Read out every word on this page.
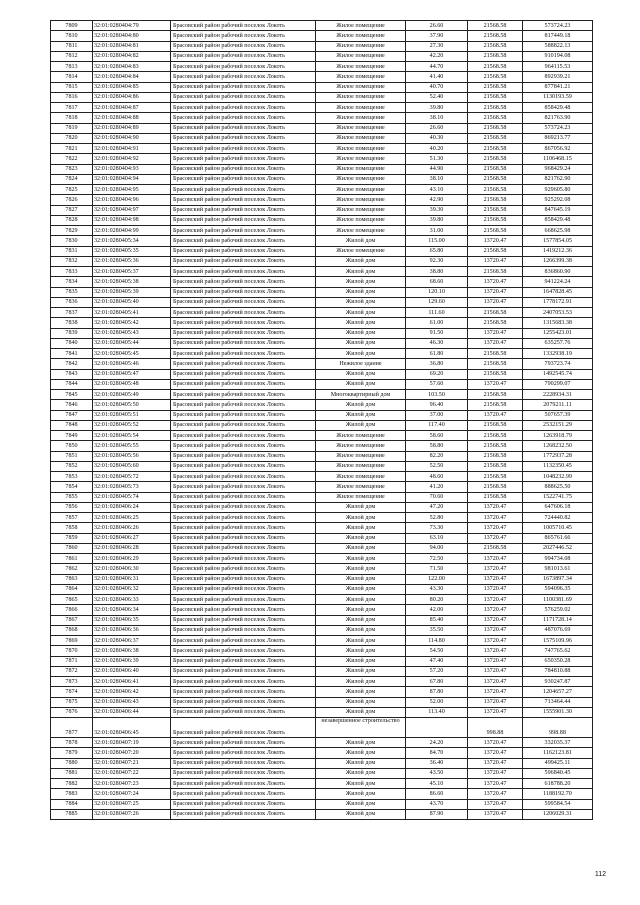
7809	32:01:0280404:79	Брасовский район рабочий поселок Локоть	Жилое помещение	26.60	21568.58	573724.23
7810	32:01:0280404:80	Брасовский район рабочий поселок Локоть	Жилое помещение	37.90	21568.58	817449.18
7811	32:01:0280404:81	Брасовский район рабочий поселок Локоть	Жилое помещение	27.30	21568.58	588822.13
7812	32:01:0280404:82	Брасовский район рабочий поселок Локоть	Жилое помещение	42.20	21568.58	910194.08
7813	32:01:0280404:83	Брасовский район рабочий поселок Локоть	Жилое помещение	44.70	21568.58	964115.53
7814	32:01:0280404:84	Брасовский район рабочий поселок Локоть	Жилое помещение	41.40	21568.58	892939.21
7815	32:01:0280404:85	Брасовский район рабочий поселок Локоть	Жилое помещение	40.70	21568.58	877841.21
7816	32:01:0280404:86	Брасовский район рабочий поселок Локоть	Жилое помещение	52.40	21568.58	1130193.59
7817	32:01:0280404:87	Брасовский район рабочий поселок Локоть	Жилое помещение	39.80	21568.58	858429.48
7818	32:01:0280404:88	Брасовский район рабочий поселок Локоть	Жилое помещение	38.10	21568.58	821763.90
7819	32:01:0280404:89	Брасовский район рабочий поселок Локоть	Жилое помещение	26.60	21568.58	573724.23
7820	32:01:0280404:90	Брасовский район рабочий поселок Локоть	Жилое помещение	40.30	21568.58	869213.77
7821	32:01:0280404:91	Брасовский район рабочий поселок Локоть	Жилое помещение	40.20	21568.58	867056.92
7822	32:01:0280404:92	Брасовский район рабочий поселок Локоть	Жилое помещение	51.30	21568.58	1106468.15
7823	32:01:0280404:93	Брасовский район рабочий поселок Локоть	Жилое помещение	44.90	21568.58	968429.24
7824	32:01:0280404:94	Брасовский район рабочий поселок Локоть	Жилое помещение	38.10	21568.58	821762.90
7825	32:01:0280404:95	Брасовский район рабочий поселок Локоть	Жилое помещение	43.10	21568.58	929605.80
7826	32:01:0280404:96	Брасовский район рабочий поселок Локоть	Жилое помещение	42.90	21568.58	925292.08
7827	32:01:0280404:97	Брасовский район рабочий поселок Локоть	Жилое помещение	39.30	21568.58	847645.19
7828	32:01:0280404:98	Брасовский район рабочий поселок Локоть	Жилое помещение	39.80	21568.58	858429.48
7829	32:01:0280404:99	Брасовский район рабочий поселок Локоть	Жилое помещение	31.00	21568.58	668625.98
7830	32:01:0280405:34	Брасовский район рабочий поселок Локоть	Жилой дом	115.00	13720.47	1577854.05
7831	32:01:0280405:35	Брасовский район рабочий поселок Локоть	Жилое помещение	65.80	21568.58	1419212.36
7832	32:01:0280405:36	Брасовский район рабочий поселок Локоть	Жилой дом	92.30	13720.47	1266399.38
7833	32:01:0280405:37	Брасовский район рабочий поселок Локоть	Жилой дом	38.80	21568.58	836860.90
7834	32:01:0280405:38	Брасовский район рабочий поселок Локоть	Жилой дом	68.60	13720.47	941224.24
7835	32:01:0280405:39	Брасовский район рабочий поселок Локоть	Жилой дом	120.10	13720.47	1647828.45
7836	32:01:0280405:40	Брасовский район рабочий поселок Локоть	Жилой дом	129.60	13720.47	1778172.91
7837	32:01:0280405:41	Брасовский район рабочий поселок Локоть	Жилой дом	111.60	21568.58	2407053.53
7838	32:01:0280405:42	Брасовский район рабочий поселок Локоть	Жилой дом	61.00	21568.58	1315683.38
7839	32:01:0280405:43	Брасовский район рабочий поселок Локоть	Жилой дом	91.50	13720.47	1255423.01
7840	32:01:0280405:44	Брасовский район рабочий поселок Локоть	Жилой дом	46.30	13720.47	635257.76
7841	32:01:0280405:45	Брасовский район рабочий поселок Локоть	Жилой дом	61.80	21568.58	1332938.19
7842	32:01:0280405:46	Брасовский район рабочий поселок Локоть	Нежилое здание	36.80	21568.58	793723.74
7843	32:01:0280405:47	Брасовский район рабочий поселок Локоть	Жилой дом	69.20	21568.58	1492545.74
7844	32:01:0280405:48	Брасовский район рабочий поселок Локоть	Жилой дом	57.60	13720.47	790299.07
7845	32:01:0280405:49	Брасовский район рабочий поселок Локоть	Многоквартирный дом	103.50	21568.58	2228934.31
7846	32:01:0280405:50	Брасовский район рабочий поселок Локоть	Жилой дом	96.40	21568.58	2079211.11
7847	32:01:0280405:51	Брасовский район рабочий поселок Локоть	Жилой дом	37.00	13720.47	507657.39
7848	32:01:0280405:52	Брасовский район рабочий поселок Локоть	Жилой дом	117.40	21568.58	2532151.29
7849	32:01:0280405:54	Брасовский район рабочий поселок Локоть	Жилое помещение	58.60	21568.58	1263918.79
7850	32:01:0280405:55	Брасовский район рабочий поселок Локоть	Жилое помещение	58.80	21568.58	1268232.50
7851	32:01:0280405:56	Брасовский район рабочий поселок Локоть	Жилое помещение	82.20	21568.58	1772937.28
7852	32:01:0280405:60	Брасовский район рабочий поселок Локоть	Жилое помещение	52.50	21568.58	1132350.45
7853	32:01:0280405:72	Брасовский район рабочий поселок Локоть	Жилое помещение	48.60	21568.58	1048232.99
7854	32:01:0280405:73	Брасовский район рабочий поселок Локоть	Жилое помещение	41.20	21568.58	888625.50
7855	32:01:0280405:74	Брасовский район рабочий поселок Локоть	Жилое помещение	70.60	21568.58	1522741.75
7856	32:01:0280406:24	Брасовский район рабочий поселок Локоть	Жилой дом	47.20	13720.47	647606.18
7857	32:01:0280406:25	Брасовский район рабочий поселок Локоть	Жилой дом	52.80	13720.47	724440.82
7858	32:01:0280406:26	Брасовский район рабочий поселок Локоть	Жилой дом	73.30	13720.47	1005710.45
7859	32:01:0280406:27	Брасовский район рабочий поселок Локоть	Жилой дом	63.10	13720.47	865761.66
7860	32:01:0280406:28	Брасовский район рабочий поселок Локоть	Жилой дом	94.00	21568.58	2027446.52
7861	32:01:0280406:29	Брасовский район рабочий поселок Локоть	Жилой дом	72.50	13720.47	994734.08
7862	32:01:0280406:30	Брасовский район рабочий поселок Локоть	Жилой дом	71.50	13720.47	981013.61
7863	32:01:0280406:31	Брасовский район рабочий поселок Локоть	Жилой дом	122.00	13720.47	1673897.34
7864	32:01:0280406:32	Брасовский район рабочий поселок Локоть	Жилой дом	43.30	13720.47	594096.35
7865	32:01:0280406:33	Брасовский район рабочий поселок Локоть	Жилой дом	80.20	13720.47	1100381.69
7866	32:01:0280406:34	Брасовский район рабочий поселок Локоть	Жилой дом	42.00	13720.47	576259.02
7867	32:01:0280406:35	Брасовский район рабочий поселок Локоть	Жилой дом	85.40	13720.47	1171728.14
7868	32:01:0280406:36	Брасовский район рабочий поселок Локоть	Жилой дом	35.50	13720.47	487076.69
7869	32:01:0280406:37	Брасовский район рабочий поселок Локоть	Жилой дом	114.80	13720.47	1575109.96
7870	32:01:0280406:38	Брасовский район рабочий поселок Локоть	Жилой дом	54.50	13720.47	747765.62
7871	32:01:0280406:39	Брасовский район рабочий поселок Локоть	Жилой дом	47.40	13720.47	650350.28
7872	32:01:0280406:40	Брасовский район рабочий поселок Локоть	Жилой дом	57.20	13720.47	784810.88
7873	32:01:0280406:41	Брасовский район рабочий поселок Локоть	Жилой дом	67.80	13720.47	930247.87
7874	32:01:0280406:42	Брасовский район рабочий поселок Локоть	Жилой дом	87.80	13720.47	1204657.27
7875	32:01:0280406:43	Брасовский район рабочий поселок Локоть	Жилой дом	52.00	13720.47	713464.44
7876	32:01:0280406:44	Брасовский район рабочий поселок Локоть	Жилой дом	113.40	13720.47	1555901.30
7877	32:01:0280406:45	Брасовский район рабочий поселок Локоть	незавершенное строительство		998.88	998.88
7878	32:01:0280407:19	Брасовский район рабочий поселок Локоть	Жилой дом	24.20	13720.47	332035.37
7879	32:01:0280407:20	Брасовский район рабочий поселок Локоть	Жилой дом	84.70	13720.47	1162123.81
7880	32:01:0280407:21	Брасовский район рабочий поселок Локоть	Жилой дом	36.40	13720.47	499425.11
7881	32:01:0280407:22	Брасовский район рабочий поселок Локоть	Жилой дом	43.50	13720.47	596840.45
7882	32:01:0280407:23	Брасовский район рабочий поселок Локоть	Жилой дом	45.10	13720.47	618788.20
7883	32:01:0280407:24	Брасовский район рабочий поселок Локоть	Жилой дом	86.60	13720.47	1188192.70
7884	32:01:0280407:25	Брасовский район рабочий поселок Локоть	Жилой дом	43.70	13720.47	599584.54
7885	32:01:0280407:26	Брасовский район рабочий поселок Локоть	Жилой дом	87.90	13720.47	1206029.31
112
